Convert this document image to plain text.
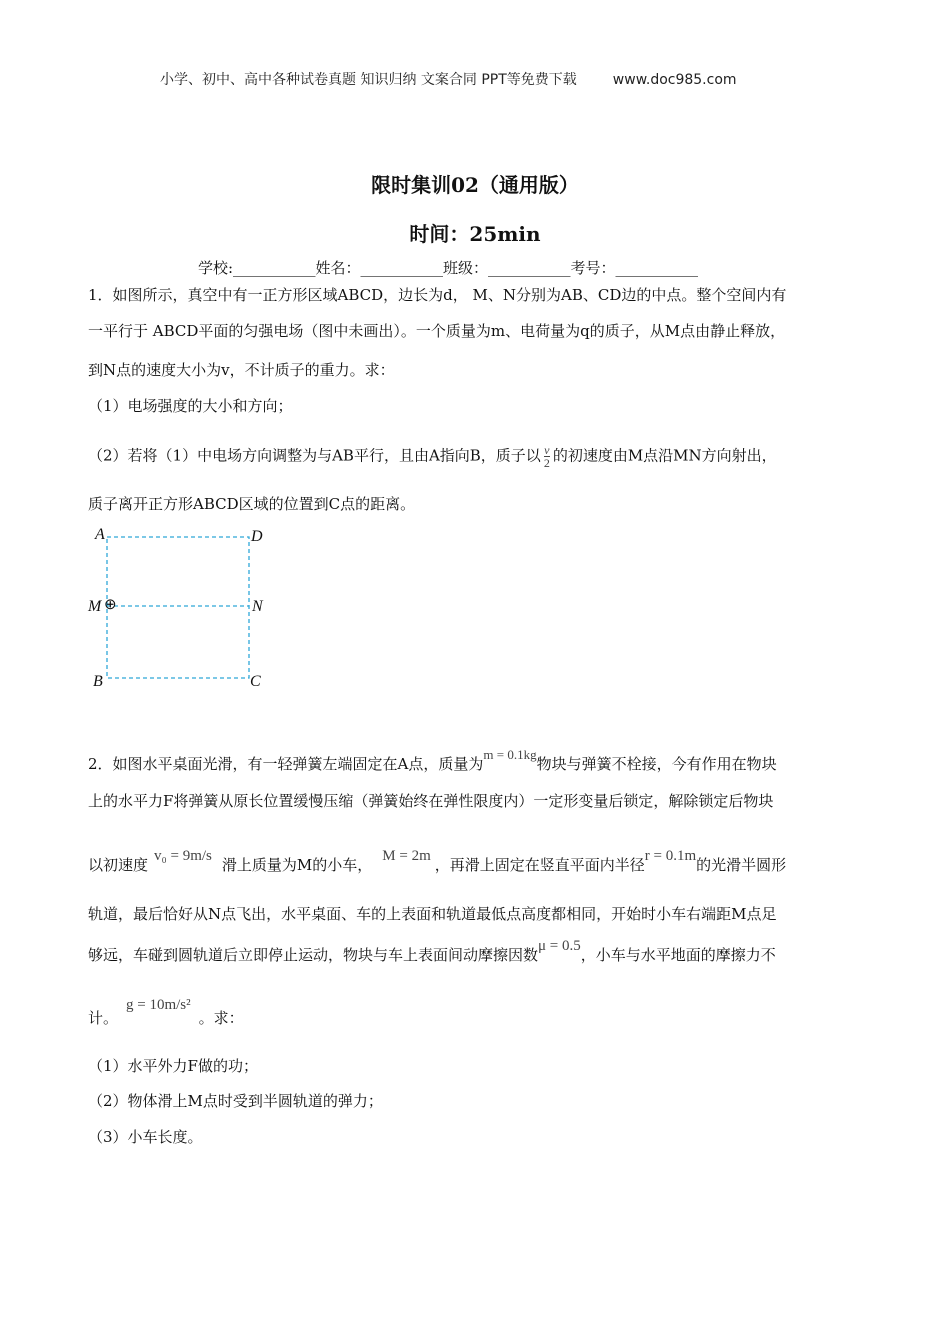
小学、初中、高中各种试卷真题 知识归纳 文案合同 PPT等免费下载	www.doc985.com
限时集训02（通用版）
时间：25min
学校:___________姓名：___________班级：___________考号：___________
1．如图所示，真空中有一正方形区域ABCD，边长为d， M、N分别为AB、CD边的中点。整个空间内有
一平行于 ABCD平面的匀强电场（图中未画出）。一个质量为m、电荷量为q的质子，从M点由静止释放，
到N点的速度大小为v，不计质子的重力。求：
（1）电场强度的大小和方向；
（2）若将（1）中电场方向调整为与AB平行，且由A指向B，质子以 $\frac{v}{2}$ 的初速度由M点沿MN方向射出，
质子离开正方形ABCD区域的位置到C点的距离。
A	D
M ⊕	N
B	C
2．如图水平桌面光滑，有一轻弹簧左端固定在A点，质量为m = 0.1kg物块与弹簧不栓接，今有作用在物块
上的水平力F将弹簧从原长位置缓慢压缩（弹簧始终在弹性限度内）一定形变量后锁定，解除锁定后物块
以初速度 v₀ = 9m/s 滑上质量为M的小车， M = 2m ，再滑上固定在竖直平面内半径r = 0.1m的光滑半圆形
轨道，最后恰好从N点飞出，水平桌面、车的上表面和轨道最低点高度都相同，开始时小车右端距M点足
够远，车碰到圆轨道后立即停止运动，物块与车上表面间动摩擦因数μ = 0.5，小车与水平地面的摩擦力不
计。g = 10m/s²。求：
（1）水平外力F做的功；
（2）物体滑上M点时受到半圆轨道的弹力；
（3）小车长度。
